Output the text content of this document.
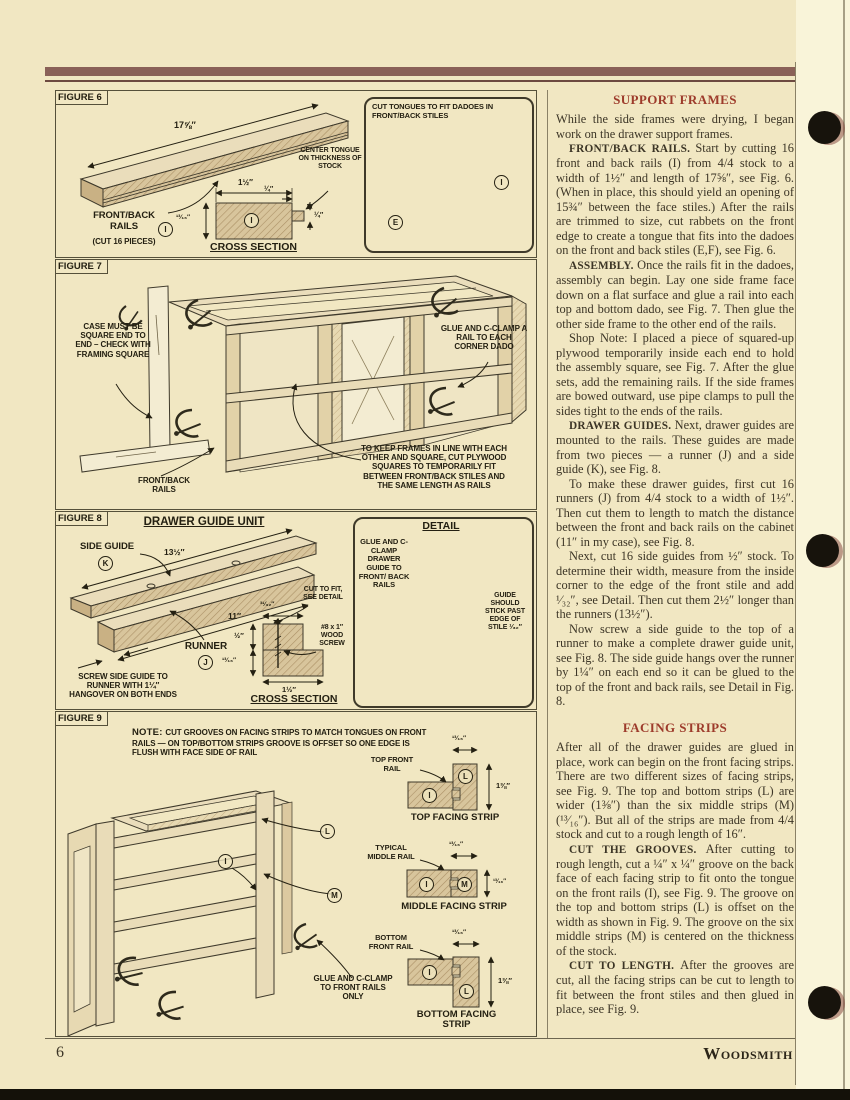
FIGURE 6
17⅝″
FRONT/BACK
RAILS	I
(CUT 16 PIECES)
1½″
¼″
¹³⁄₁₆″	¼″
I
CROSS SECTION
CENTER TONGUE ON THICKNESS OF STOCK
CUT TONGUES TO FIT DADOES IN FRONT/BACK STILES
E
I
FIGURE 7
CASE MUST BE SQUARE END TO END – CHECK WITH FRAMING SQUARE
FRONT/BACK RAILS
GLUE AND C-CLAMP A RAIL TO EACH CORNER DADO
TO KEEP FRAMES IN LINE WITH EACH OTHER AND SQUARE, CUT PLYWOOD SQUARES TO TEMPORARILY FIT BETWEEN FRONT/BACK STILES AND THE SAME LENGTH AS RAILS
FIGURE 8	DRAWER GUIDE UNIT
SIDE GUIDE
K
13½″
11″
RUNNER
J
SCREW SIDE GUIDE TO RUNNER WITH 1¼″ HANGOVER ON BOTH ENDS
CUT TO FIT, SEE DETAIL
³¹⁄₃₂″
½″
¹³⁄₁₆″
1½″
#8 x 1″ WOOD SCREW
CROSS SECTION
DETAIL
GLUE AND C-CLAMP DRAWER GUIDE TO FRONT/ BACK RAILS
GUIDE SHOULD STICK PAST EDGE OF STILE ¹⁄₃₂″
FIGURE 9
NOTE: CUT GROOVES ON FACING STRIPS TO MATCH TONGUES ON FRONT RAILS — ON TOP/BOTTOM STRIPS GROOVE IS OFFSET SO ONE EDGE IS FLUSH WITH FACE SIDE OF RAIL
L
M
I
TOP FRONT RAIL
¹³⁄₁₆″
1⅜″
I
L
TOP FACING STRIP
TYPICAL MIDDLE RAIL
¹³⁄₁₆″
¹³⁄₁₆″
I	M
MIDDLE FACING STRIP
BOTTOM FRONT RAIL
¹³⁄₁₆″
1⅜″
I
L
BOTTOM FACING STRIP
GLUE AND C-CLAMP TO FRONT RAILS ONLY
SUPPORT FRAMES

While the side frames were drying, I began work on the drawer support frames.

FRONT/BACK RAILS. Start by cutting 16 front and back rails (I) from 4/4 stock to a width of 1½″ and length of 17⅝″, see Fig. 6. (When in place, this should yield an opening of 15¾″ between the face stiles.) After the rails are trimmed to size, cut rabbets on the front edge to create a tongue that fits into the dadoes on the front and back stiles (E,F), see Fig. 6.

ASSEMBLY. Once the rails fit in the dadoes, assembly can begin. Lay one side frame face down on a flat surface and glue a rail into each top and bottom dado, see Fig. 7. Then glue the other side frame to the other end of the rails.

Shop Note: I placed a piece of squared-up plywood temporarily inside each end to hold the assembly square, see Fig. 7. After the glue sets, add the remaining rails. If the side frames are bowed outward, use pipe clamps to pull the sides tight to the ends of the rails.

DRAWER GUIDES. Next, drawer guides are mounted to the rails. These guides are made from two pieces — a runner (J) and a side guide (K), see Fig. 8.

To make these drawer guides, first cut 16 runners (J) from 4/4 stock to a width of 1½″. Then cut them to length to match the distance between the front and back rails on the cabinet (11″ in my case), see Fig. 8.

Next, cut 16 side guides from ½″ stock. To determine their width, measure from the inside corner to the edge of the front stile and add ¹⁄₃₂″, see Detail. Then cut them 2½″ longer than the runners (13½″).

Now screw a side guide to the top of a runner to make a complete drawer guide unit, see Fig. 8. The side guide hangs over the runner by 1¼″ on each end so it can be glued to the top of the front and back rails, see Detail in Fig. 8.

FACING STRIPS

After all of the drawer guides are glued in place, work can begin on the front facing strips. There are two different sizes of facing strips, see Fig. 9. The top and bottom strips (L) are wider (1⅜″) than the six middle strips (M) (¹³⁄₁₆″). But all of the strips are made from 4/4 stock and cut to a rough length of 16″.

CUT THE GROOVES. After cutting to rough length, cut a ¼″ x ¼″ groove on the back face of each facing strip to fit onto the tongue on the front rails (I), see Fig. 9. The groove on the top and bottom strips (L) is offset on the width as shown in Fig. 9. The groove on the six middle strips (M) is centered on the thickness of the stock.

CUT TO LENGTH. After the grooves are cut, all the facing strips can be cut to length to fit between the front stiles and then glued in place, see Fig. 9.

6	Woodsmith
